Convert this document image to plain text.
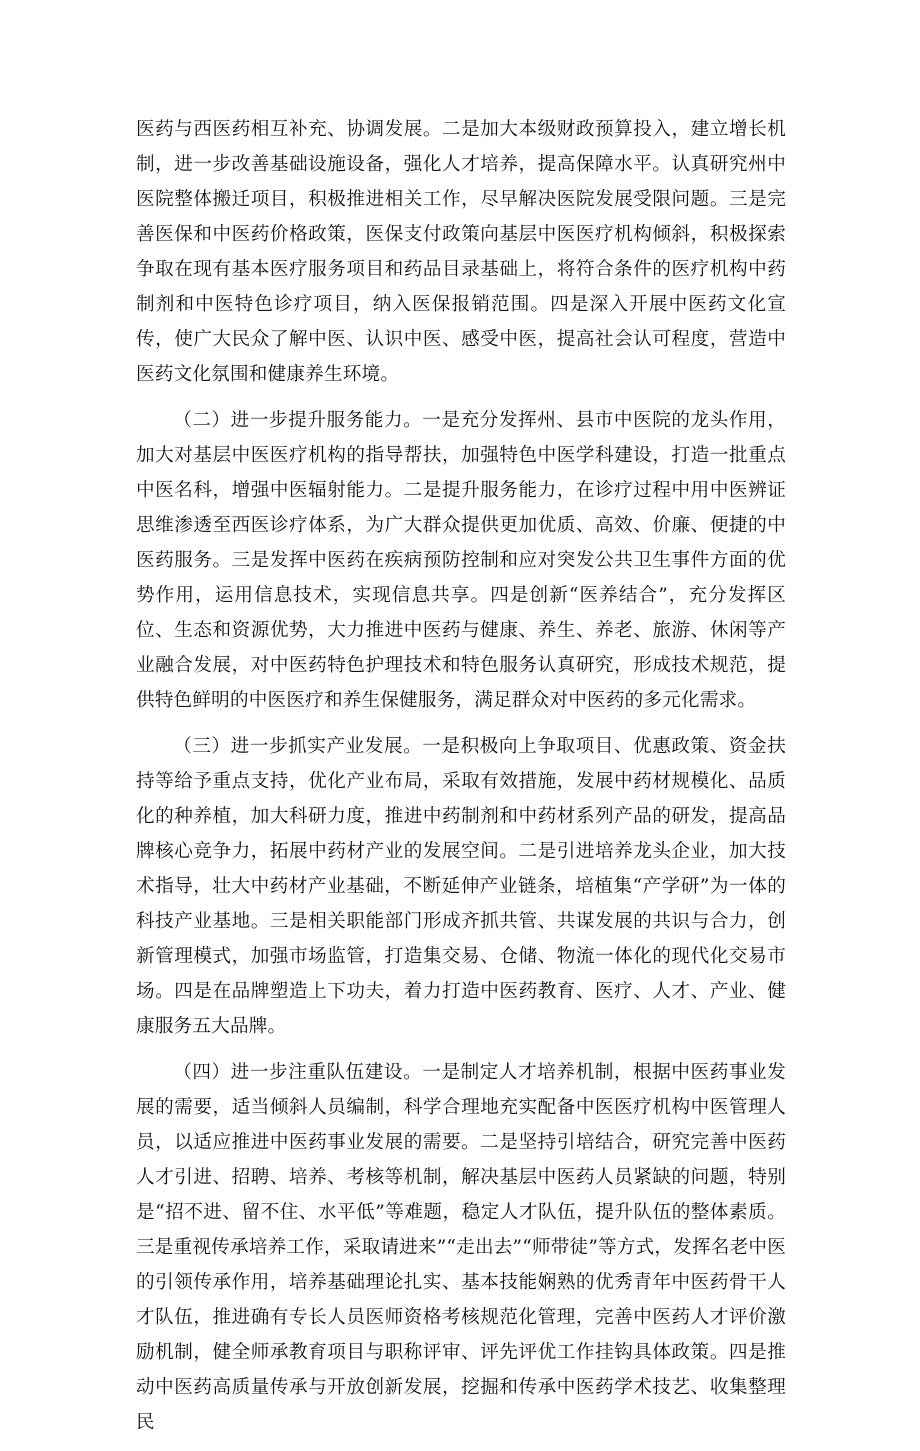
医药与西医药相互补充、协调发展。二是加大本级财政预算投入，建立增长机制，进一步改善基础设施设备，强化人才培养，提高保障水平。认真研究州中医院整体搬迁项目，积极推进相关工作，尽早解决医院发展受限问题。三是完善医保和中医药价格政策，医保支付政策向基层中医医疗机构倾斜，积极探索争取在现有基本医疗服务项目和药品目录基础上，将符合条件的医疗机构中药制剂和中医特色诊疗项目，纳入医保报销范围。四是深入开展中医药文化宣传，使广大民众了解中医、认识中医、感受中医，提高社会认可程度，营造中医药文化氛围和健康养生环境。

（二）进一步提升服务能力。一是充分发挥州、县市中医院的龙头作用，加大对基层中医医疗机构的指导帮扶，加强特色中医学科建设，打造一批重点中医名科，增强中医辐射能力。二是提升服务能力，在诊疗过程中用中医辨证思维渗透至西医诊疗体系，为广大群众提供更加优质、高效、价廉、便捷的中医药服务。三是发挥中医药在疾病预防控制和应对突发公共卫生事件方面的优势作用，运用信息技术，实现信息共享。四是创新“医养结合”，充分发挥区位、生态和资源优势，大力推进中医药与健康、养生、养老、旅游、休闲等产业融合发展，对中医药特色护理技术和特色服务认真研究，形成技术规范，提供特色鲜明的中医医疗和养生保健服务，满足群众对中医药的多元化需求。

（三）进一步抓实产业发展。一是积极向上争取项目、优惠政策、资金扶持等给予重点支持，优化产业布局，采取有效措施，发展中药材规模化、品质化的种养植，加大科研力度，推进中药制剂和中药材系列产品的研发，提高品牌核心竞争力，拓展中药材产业的发展空间。二是引进培养龙头企业，加大技术指导，壮大中药材产业基础，不断延伸产业链条，培植集“产学研”为一体的科技产业基地。三是相关职能部门形成齐抓共管、共谋发展的共识与合力，创新管理模式，加强市场监管，打造集交易、仓储、物流一体化的现代化交易市场。四是在品牌塑造上下功夫，着力打造中医药教育、医疗、人才、产业、健康服务五大品牌。

（四）进一步注重队伍建设。一是制定人才培养机制，根据中医药事业发展的需要，适当倾斜人员编制，科学合理地充实配备中医医疗机构中医管理人员，以适应推进中医药事业发展的需要。二是坚持引培结合，研究完善中医药人才引进、招聘、培养、考核等机制，解决基层中医药人员紧缺的问题，特别是“招不进、留不住、水平低”等难题，稳定人才队伍，提升队伍的整体素质。三是重视传承培养工作，采取请进来”“走出去”“师带徒”等方式，发挥名老中医的引领传承作用，培养基础理论扎实、基本技能娴熟的优秀青年中医药骨干人才队伍，推进确有专长人员医师资格考核规范化管理，完善中医药人才评价激励机制，健全师承教育项目与职称评审、评先评优工作挂钩具体政策。四是推动中医药高质量传承与开放创新发展，挖掘和传承中医药学术技艺、收集整理民
